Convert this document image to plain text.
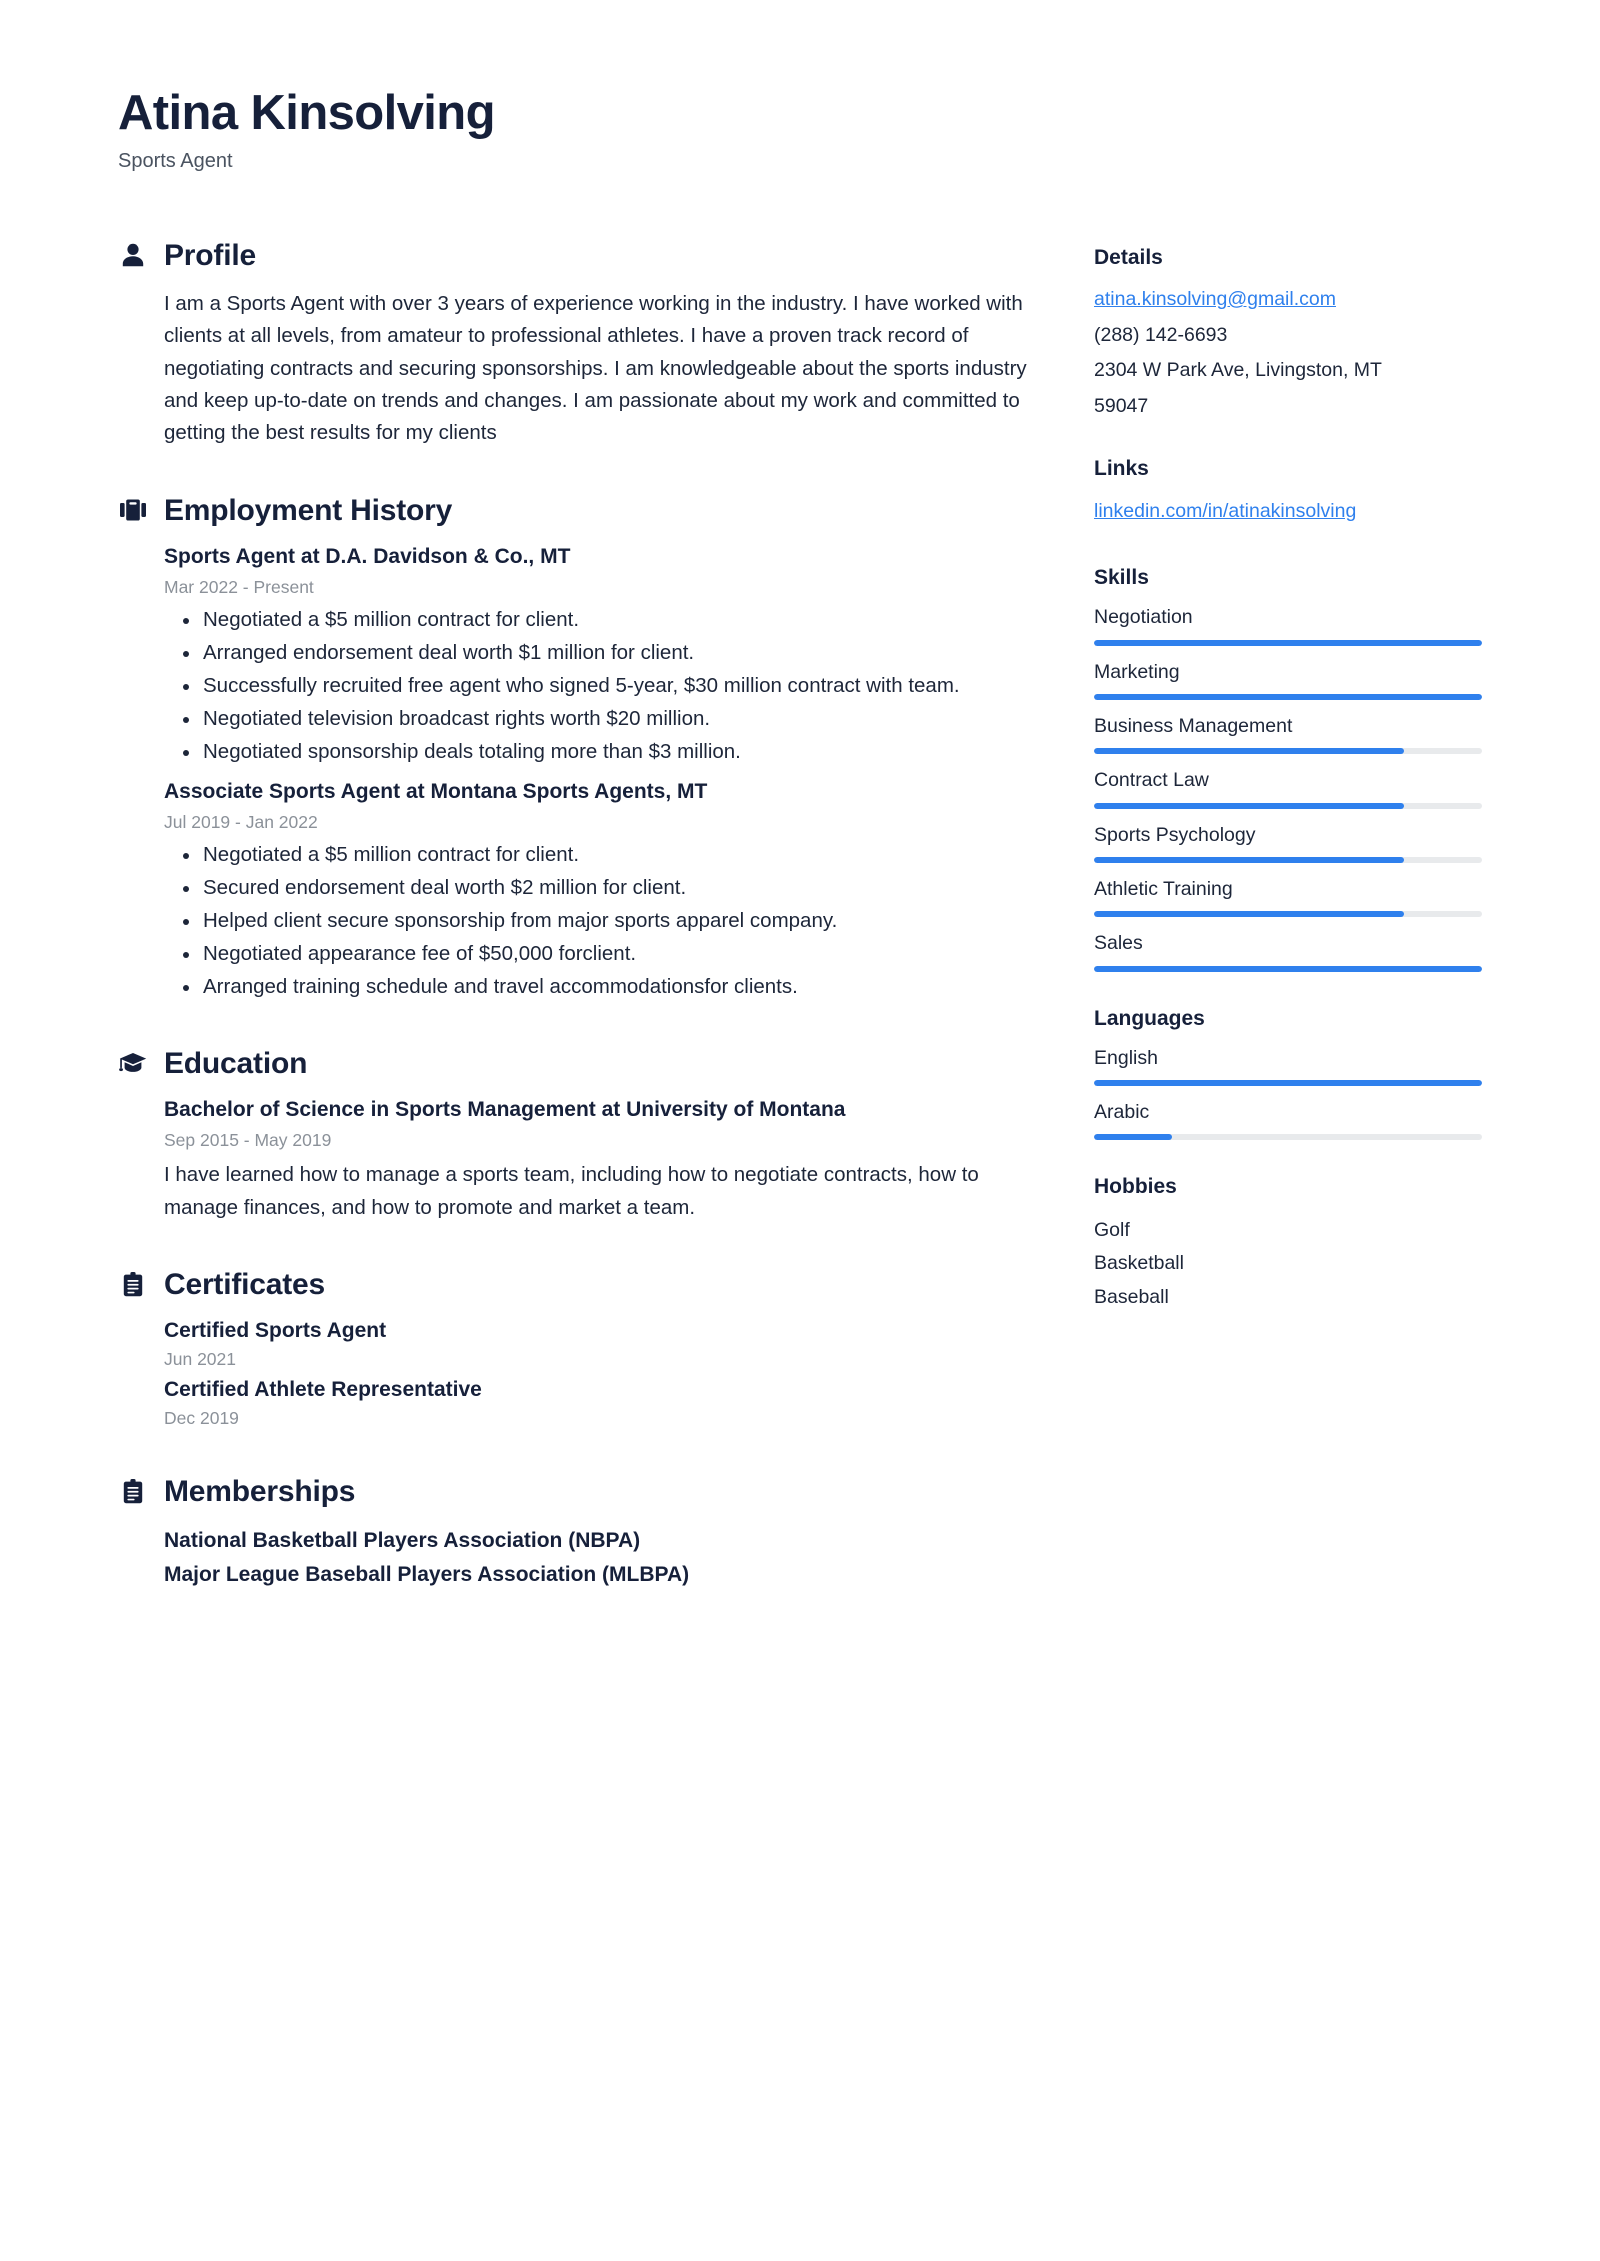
Atina Kinsolving
Sports Agent
Profile

I am a Sports Agent with over 3 years of experience working in the industry. I have worked with clients at all levels, from amateur to professional athletes. I have a proven track record of negotiating contracts and securing sponsorships. I am knowledgeable about the sports industry and keep up-to-date on trends and changes. I am passionate about my work and committed to getting the best results for my clients

Employment History
Sports Agent at D.A. Davidson & Co., MT
Mar 2022 - Present
Negotiated a $5 million contract for client.
Arranged endorsement deal worth $1 million for client.
Successfully recruited free agent who signed 5-year, $30 million contract with team.
Negotiated television broadcast rights worth $20 million.
Negotiated sponsorship deals totaling more than $3 million.
Associate Sports Agent at Montana Sports Agents, MT
Jul 2019 - Jan 2022
Negotiated a $5 million contract for client.
Secured endorsement deal worth $2 million for client.
Helped client secure sponsorship from major sports apparel company.
Negotiated appearance fee of $50,000 forclient.
Arranged training schedule and travel accommodationsfor clients.
Education
Bachelor of Science in Sports Management at University of Montana
Sep 2015 - May 2019

I have learned how to manage a sports team, including how to negotiate contracts, how to manage finances, and how to promote and market a team.

Certificates
Certified Sports Agent
Jun 2021
Certified Athlete Representative
Dec 2019
Memberships
National Basketball Players Association (NBPA)
Major League Baseball Players Association (MLBPA)
Details
atina.kinsolving@gmail.com
(288) 142-6693
2304 W Park Ave, Livingston, MT
59047
Links
linkedin.com/in/atinakinsolving
Skills
Negotiation
Marketing
Business Management
Contract Law
Sports Psychology
Athletic Training
Sales
Languages
English
Arabic
Hobbies
Golf
Basketball
Baseball
